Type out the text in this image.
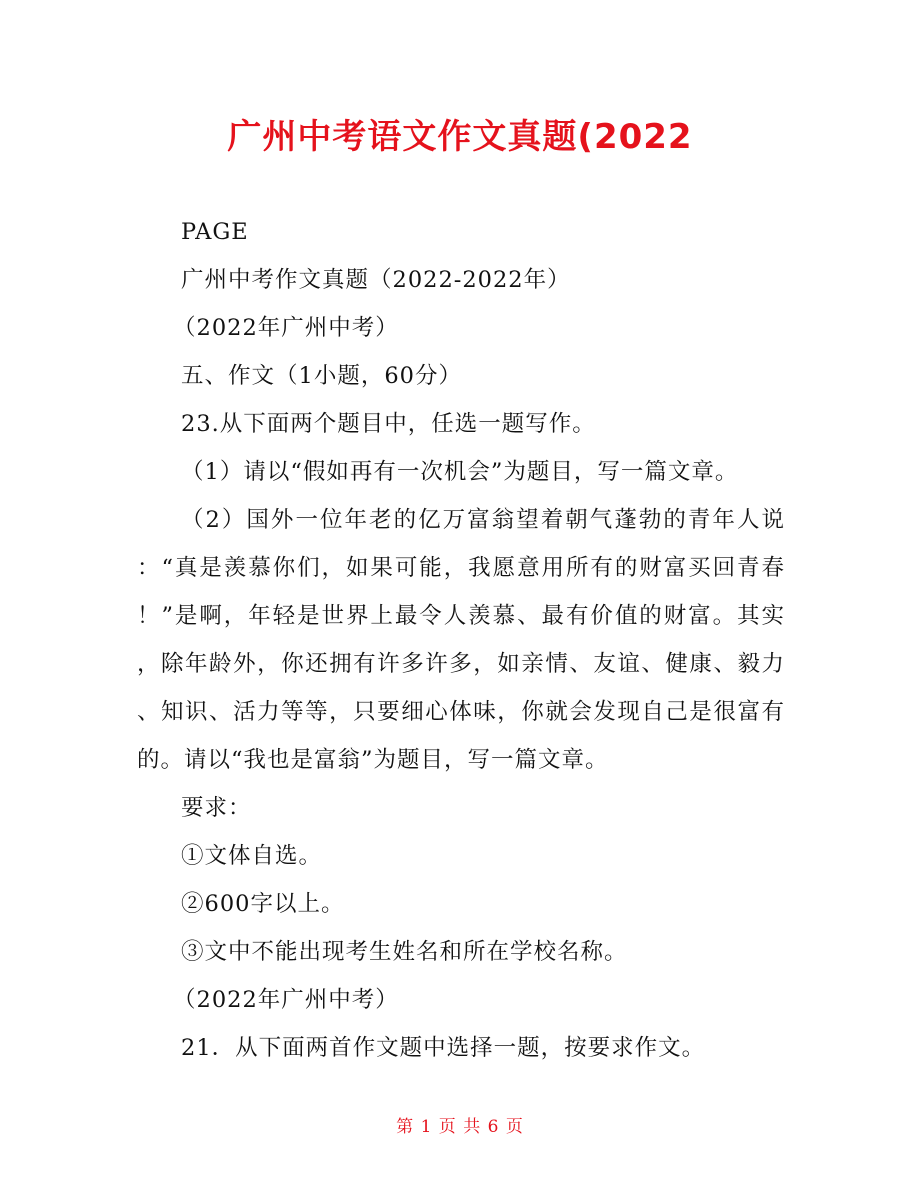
广州中考语文作文真题(2022
PAGE
广州中考作文真题（2022-2022年）
（2022年广州中考）
五、作文（1小题，60分）
23.从下面两个题目中，任选一题写作。
（1）请以“假如再有一次机会”为题目，写一篇文章。
（2）国外一位年老的亿万富翁望着朝气蓬勃的青年人说
：“真是羡慕你们，如果可能，我愿意用所有的财富买回青春
！”是啊，年轻是世界上最令人羡慕、最有价值的财富。其实
，除年龄外，你还拥有许多许多，如亲情、友谊、健康、毅力
、知识、活力等等，只要细心体味，你就会发现自己是很富有
的。请以“我也是富翁”为题目，写一篇文章。
要求：
①文体自选。
②600字以上。
③文中不能出现考生姓名和所在学校名称。
（2022年广州中考）
21．从下面两首作文题中选择一题，按要求作文。
第 1 页 共 6 页
